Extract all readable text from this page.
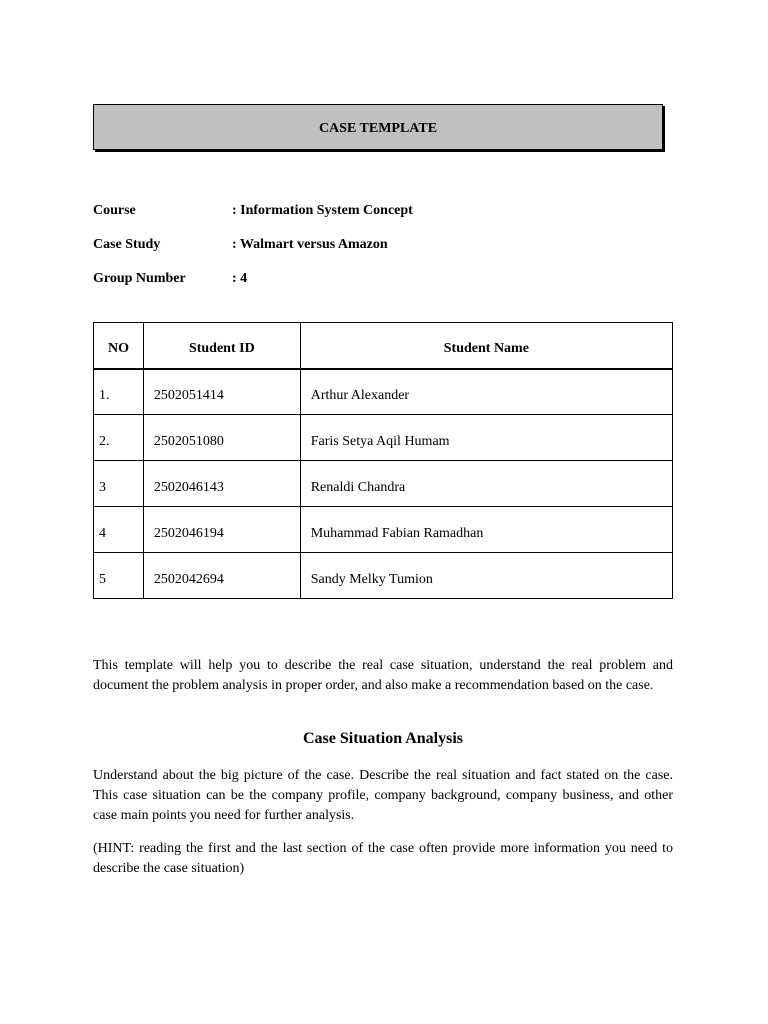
CASE TEMPLATE
Course	: Information System Concept
Case Study	: Walmart versus Amazon
Group Number	: 4
NO	Student ID	Student Name
1.	2502051414	Arthur Alexander
2.	2502051080	Faris Setya Aqil Humam
3	2502046143	Renaldi Chandra
4	2502046194	Muhammad Fabian Ramadhan
5	2502042694	Sandy Melky Tumion

This template will help you to describe the real case situation, understand the real problem and document the problem analysis in proper order, and also make a recommendation based on the case.

Case Situation Analysis

Understand about the big picture of the case. Describe the real situation and fact stated on the case. This case situation can be the company profile, company background, company business, and other case main points you need for further analysis.

(HINT: reading the first and the last section of the case often provide more information you need to describe the case situation)
